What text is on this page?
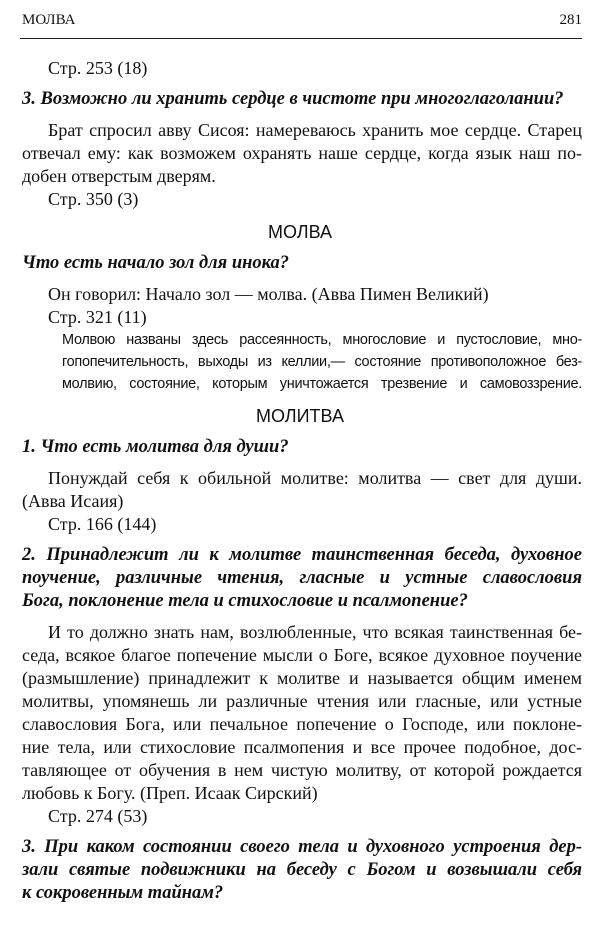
МОЛВА	281
Стр. 253 (18)
3. Возможно ли хранить сердце в чистоте при многоглаголании?
Брат спросил авву Сисоя: намереваюсь хранить мое сердце. Старец
отвечал ему: как возможем охранять наше сердце, когда язык наш по-
добен отверстым дверям.
Стр. 350 (3)
МОЛВА
Что есть начало зол для инока?
Он говорил: Начало зол — молва. (Авва Пимен Великий)
Стр. 321 (11)
Молвою названы здесь рассеянность, многословие и пустословие, мно-
гопопечительность, выходы из келлии,— состояние противоположное без-
молвию, состояние, которым уничтожается трезвение и самовоззрение.
МОЛИТВА
1. Что есть молитва для души?
Понуждай себя к обильной молитве: молитва — свет для души.
(Авва Исаия)
Стр. 166 (144)
2. Принадлежит ли к молитве таинственная беседа, духовное
поучение, различные чтения, гласные и устные славословия
Бога, поклонение тела и стихословие и псалмопение?
И то должно знать нам, возлюбленные, что всякая таинственная бе-
седа, всякое благое попечение мысли о Боге, всякое духовное поучение
(размышление) принадлежит к молитве и называется общим именем
молитвы, упомянешь ли различные чтения или гласные, или устные
славословия Бога, или печальное попечение о Господе, или поклоне-
ние тела, или стихословие псалмопения и все прочее подобное, дос-
тавляющее от обучения в нем чистую молитву, от которой рождается
любовь к Богу. (Преп. Исаак Сирский)
Стр. 274 (53)
3. При каком состоянии своего тела и духовного устроения дер-
зали святые подвижники на беседу с Богом и возвышали себя
к сокровенным тайнам?
